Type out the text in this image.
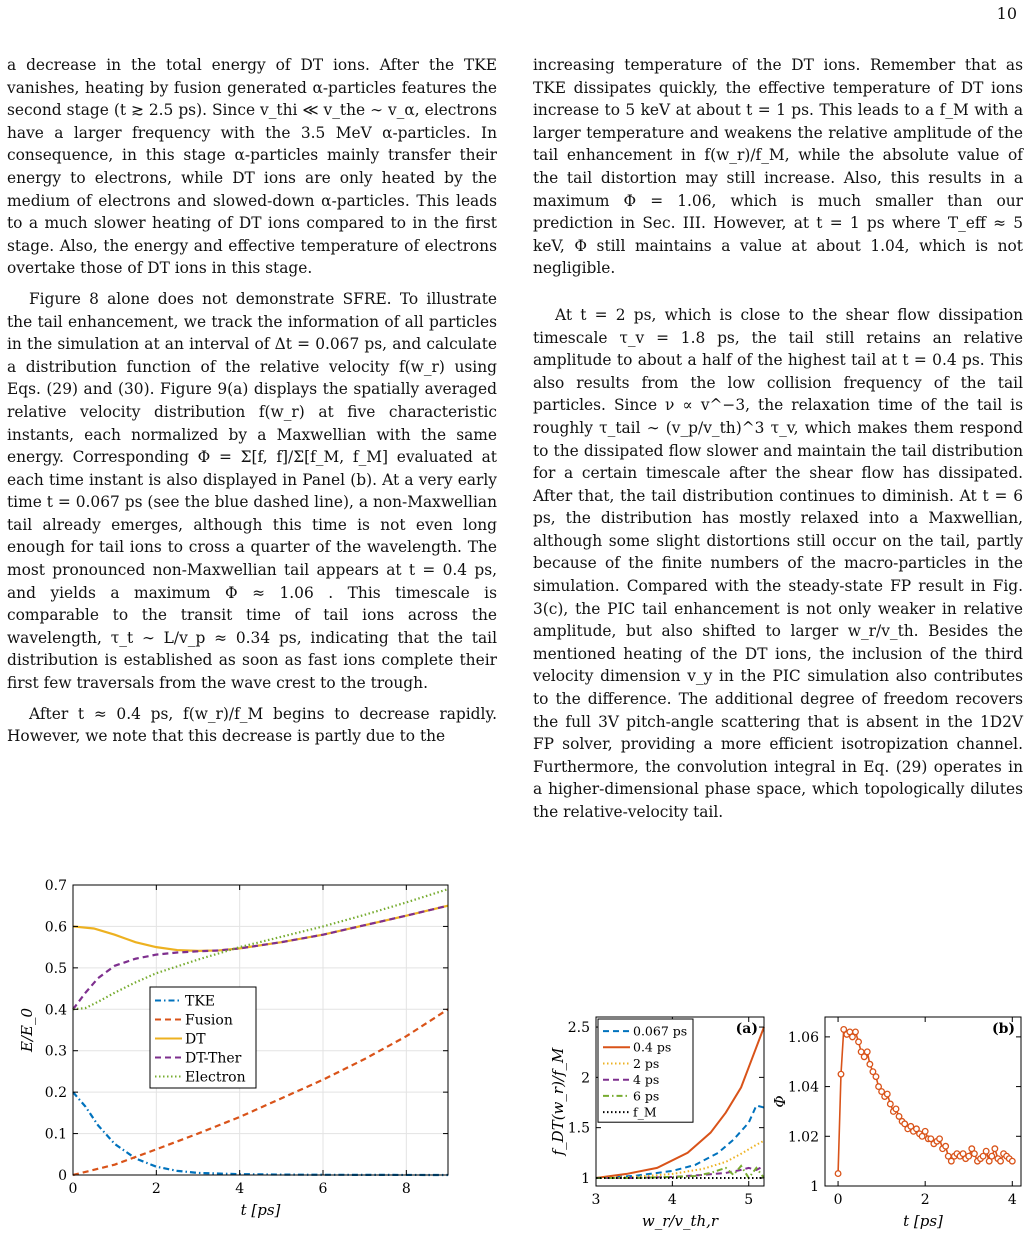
10

a decrease in the total energy of DT ions. After the TKE vanishes, heating by fusion generated α-particles features the second stage (t ≳ 2.5 ps). Since v_thi ≪ v_the ∼ v_α, electrons have a larger frequency with the 3.5 MeV α-particles. In consequence, in this stage α-particles mainly transfer their energy to electrons, while DT ions are only heated by the medium of electrons and slowed-down α-particles. This leads to a much slower heating of DT ions compared to in the first stage. Also, the energy and effective temperature of electrons overtake those of DT ions in this stage.

Figure 8 alone does not demonstrate SFRE. To illustrate the tail enhancement, we track the information of all particles in the simulation at an interval of Δt = 0.067 ps, and calculate a distribution function of the relative velocity f(w_r) using Eqs. (29) and (30). Figure 9(a) displays the spatially averaged relative velocity distribution f(w_r) at five characteristic instants, each normalized by a Maxwellian with the same energy. Corresponding Φ = Σ[f, f]/Σ[f_M, f_M] evaluated at each time instant is also displayed in Panel (b). At a very early time t = 0.067 ps (see the blue dashed line), a non-Maxwellian tail already emerges, although this time is not even long enough for tail ions to cross a quarter of the wavelength. The most pronounced non-Maxwellian tail appears at t = 0.4 ps, and yields a maximum Φ ≈ 1.06 . This timescale is comparable to the transit time of tail ions across the wavelength, τ_t ∼ L/v_p ≈ 0.34 ps, indicating that the tail distribution is established as soon as fast ions complete their first few traversals from the wave crest to the trough.

After t ≈ 0.4 ps, f(w_r)/f_M begins to decrease rapidly. However, we note that this decrease is partly due to the

increasing temperature of the DT ions. Remember that as TKE dissipates quickly, the effective temperature of DT ions increase to 5 keV at about t = 1 ps. This leads to a f_M with a larger temperature and weakens the relative amplitude of the tail enhancement in f(w_r)/f_M, while the absolute value of the tail distortion may still increase. Also, this results in a maximum Φ = 1.06, which is much smaller than our prediction in Sec. III. However, at t = 1 ps where T_eff ≈ 5 keV, Φ still maintains a value at about 1.04, which is not negligible.

At t = 2 ps, which is close to the shear flow dissipation timescale τ_v = 1.8 ps, the tail still retains an relative amplitude to about a half of the highest tail at t = 0.4 ps. This also results from the low collision frequency of the tail particles. Since ν ∝ v^−3, the relaxation time of the tail is roughly τ_tail ∼ (v_p/v_th)^3 τ_v, which makes them respond to the dissipated flow slower and maintain the tail distribution for a certain timescale after the shear flow has dissipated. After that, the tail distribution continues to diminish. At t = 6 ps, the distribution has mostly relaxed into a Maxwellian, although some slight distortions still occur on the tail, partly because of the finite numbers of the macro-particles in the simulation. Compared with the steady-state FP result in Fig. 3(c), the PIC tail enhancement is not only weaker in relative amplitude, but also shifted to larger w_r/v_th. Besides the mentioned heating of the DT ions, the inclusion of the third velocity dimension v_y in the PIC simulation also contributes to the difference. The additional degree of freedom recovers the full 3V pitch-angle scattering that is absent in the 1D2V FP solver, providing a more efficient isotropization channel. Furthermore, the convolution integral in Eq. (29) operates in a higher-dimensional phase space, which topologically dilutes the relative-velocity tail.

0	2	4	6	8
0
0.1
0.2
0.3
0.4
0.5
0.6
0.7
t [ps]
E/E_0
TKE
Fusion
DT
DT-Ther
Electron
3	4	5
1
1.5
2
2.5
w_r/v_th,r
f_DT(w_r)/f_M
(a)
0.067 ps
0.4 ps
2 ps
4 ps
6 ps
f_M
0	2	4
1
1.02
1.04
1.06
t [ps]
Φ
(b)
